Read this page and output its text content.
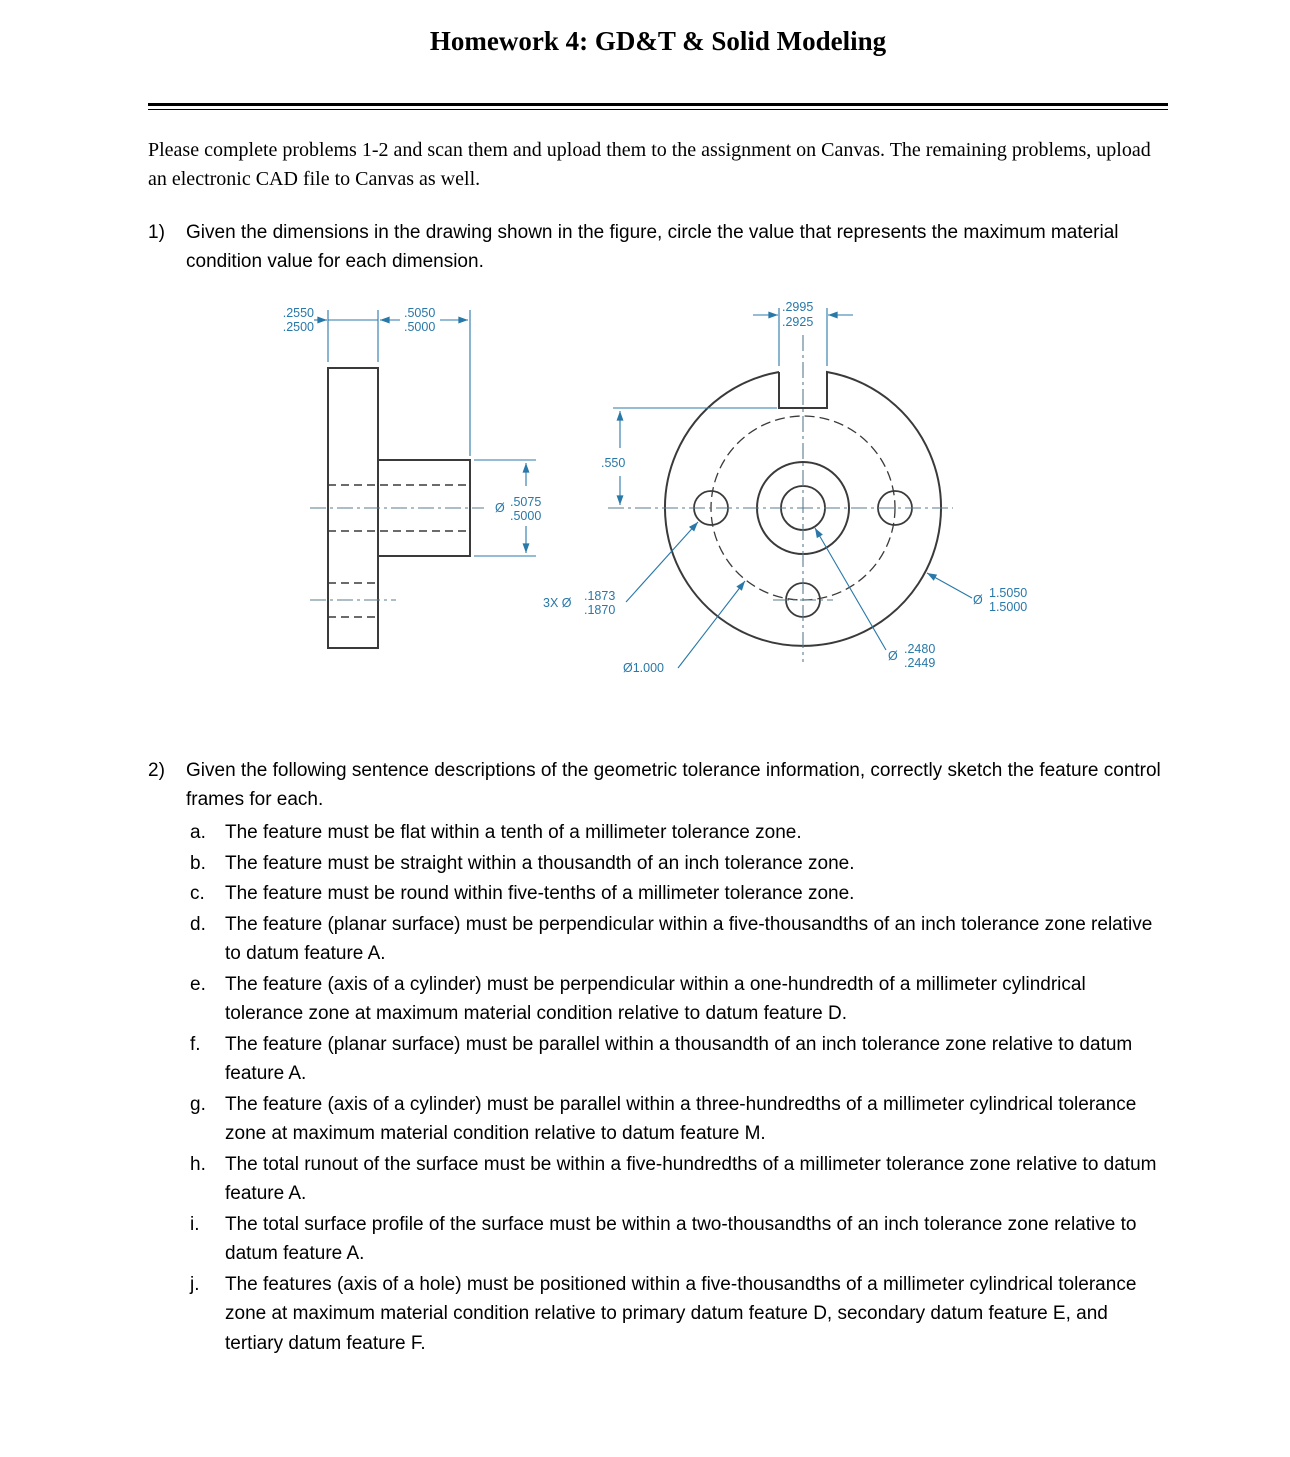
Homework 4: GD&T & Solid Modeling

Please complete problems 1-2 and scan them and upload them to the assignment on Canvas. The remaining problems, upload an electronic CAD file to Canvas as well.

1)	Given the dimensions in the drawing shown in the figure, circle the value that represents the maximum material condition value for each dimension.
.2550
.2500
.5050
.5000
Ø .5075
.5000
.2995
.2925
.550
3X Ø .1873
.1870
Ø1.000
Ø .2480
.2449
Ø 1.5050
1.5000
2)	Given the following sentence descriptions of the geometric tolerance information, correctly sketch the feature control frames for each.
a.	The feature must be flat within a tenth of a millimeter tolerance zone.
b.	The feature must be straight within a thousandth of an inch tolerance zone.
c.	The feature must be round within five-tenths of a millimeter tolerance zone.
d.	The feature (planar surface) must be perpendicular within a five-thousandths of an inch tolerance zone relative to datum feature A.
e.	The feature (axis of a cylinder) must be perpendicular within a one-hundredth of a millimeter cylindrical tolerance zone at maximum material condition relative to datum feature D.
f.	The feature (planar surface) must be parallel within a thousandth of an inch tolerance zone relative to datum feature A.
g.	The feature (axis of a cylinder) must be parallel within a three-hundredths of a millimeter cylindrical tolerance zone at maximum material condition relative to datum feature M.
h.	The total runout of the surface must be within a five-hundredths of a millimeter tolerance zone relative to datum feature A.
i.	The total surface profile of the surface must be within a two-thousandths of an inch tolerance zone relative to datum feature A.
j.	The features (axis of a hole) must be positioned within a five-thousandths of a millimeter cylindrical tolerance zone at maximum material condition relative to primary datum feature D, secondary datum feature E, and tertiary datum feature F.
